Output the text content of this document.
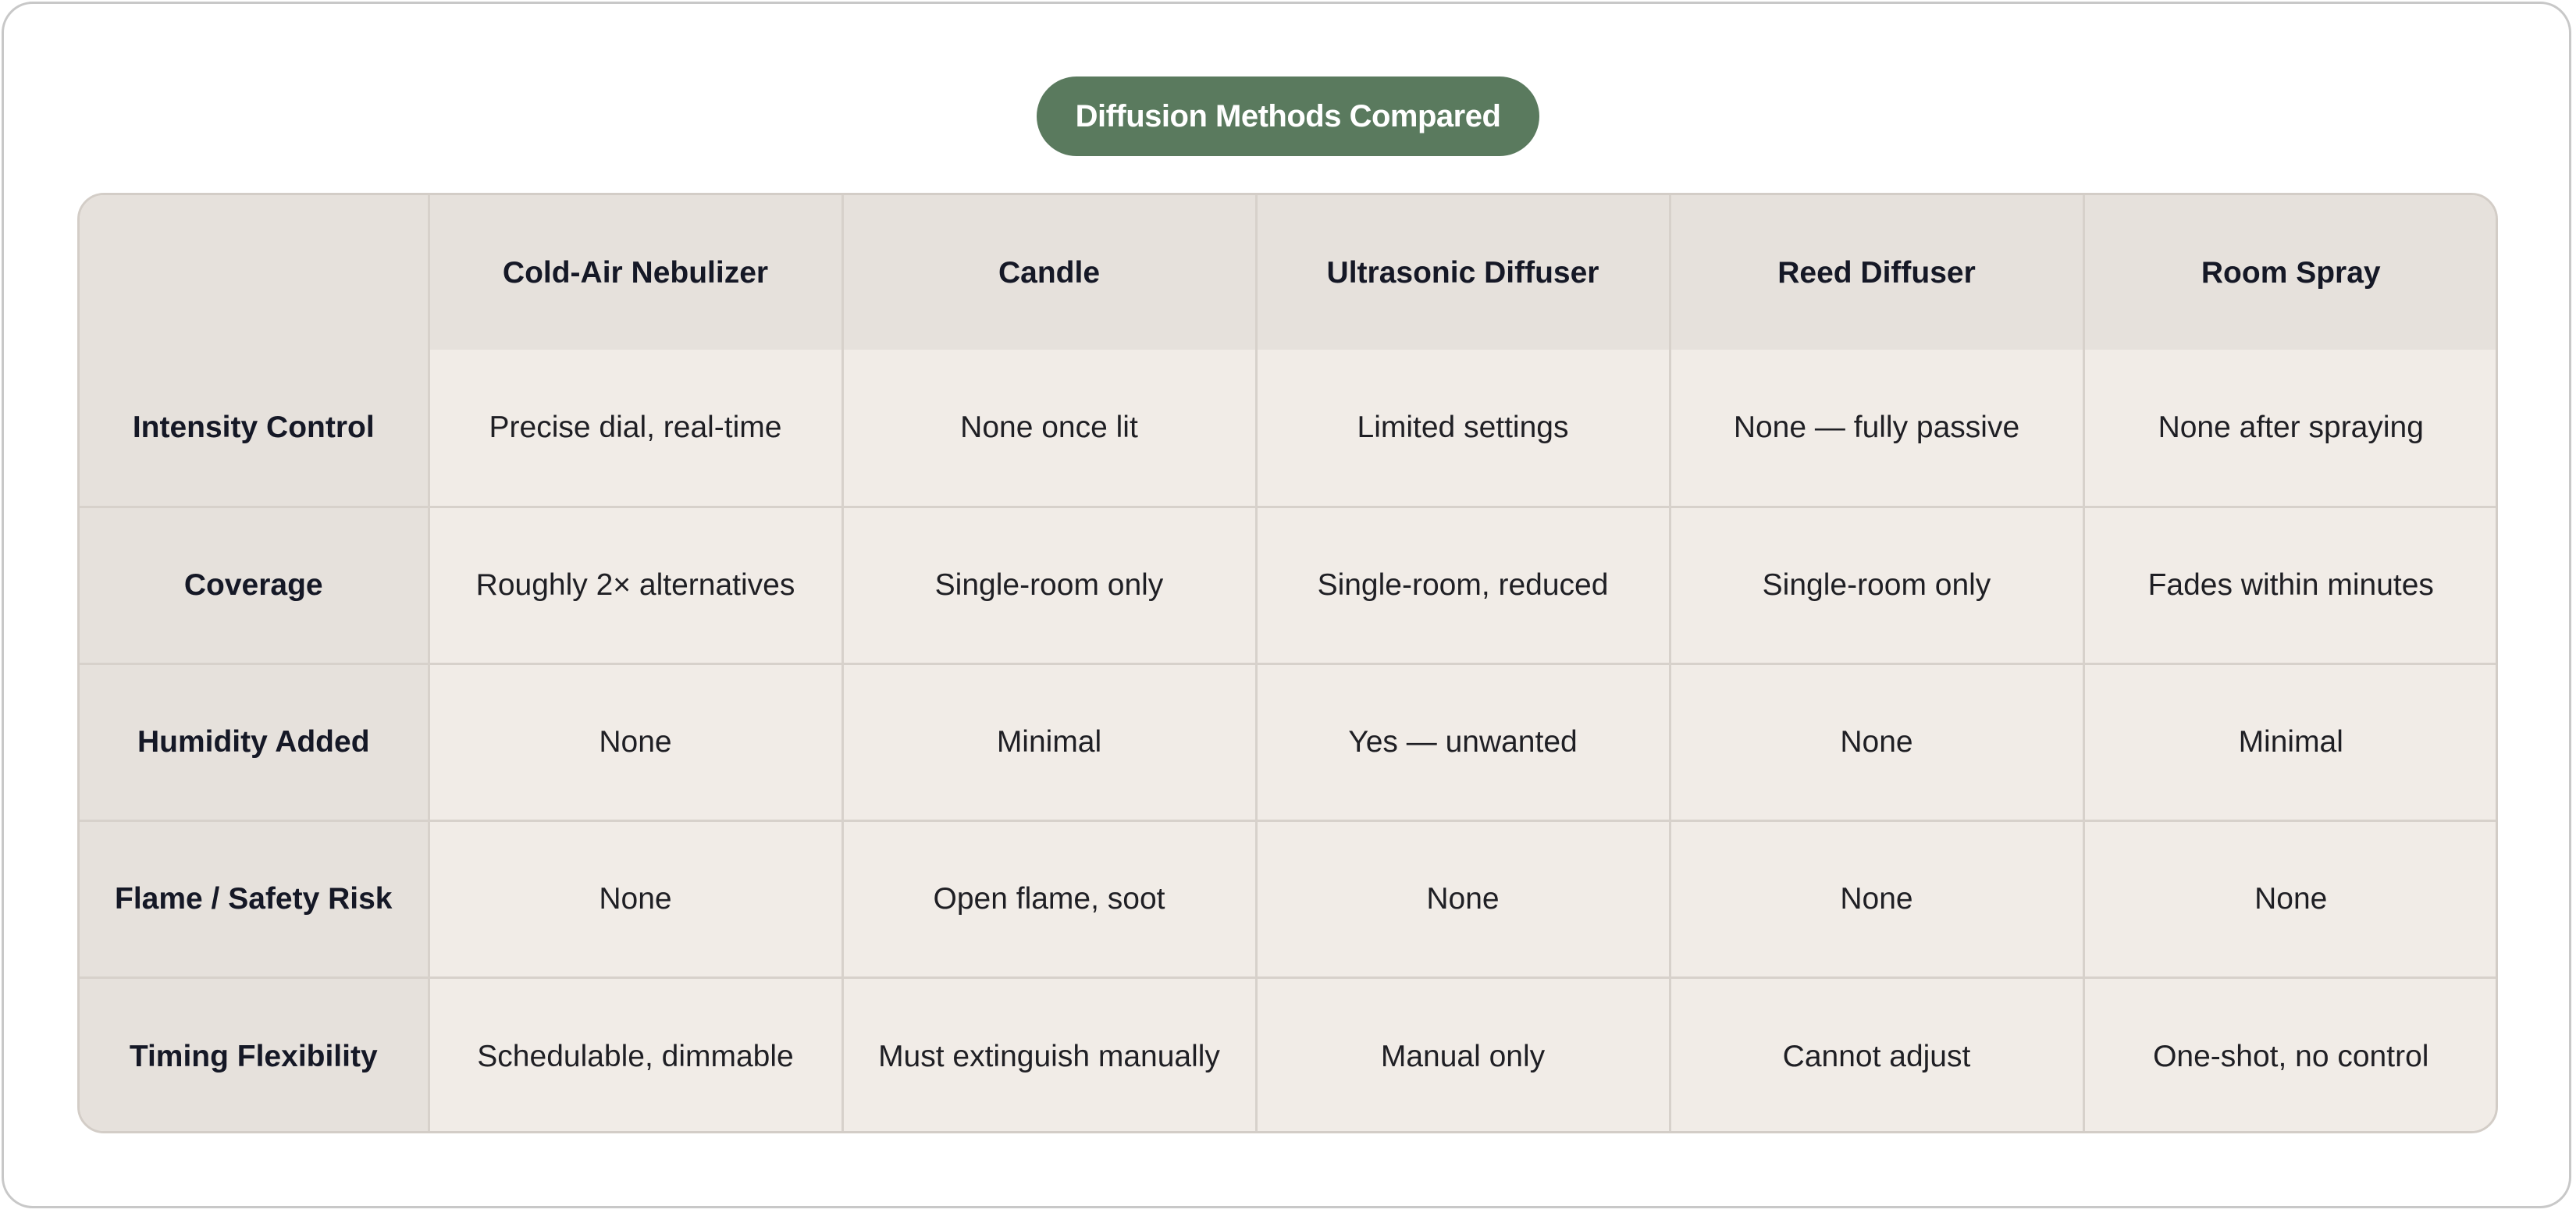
Diffusion Methods Compared
	Cold-Air Nebulizer	Candle	Ultrasonic Diffuser	Reed Diffuser	Room Spray
Intensity Control	Precise dial, real-time	None once lit	Limited settings	None — fully passive	None after spraying
Coverage	Roughly 2× alternatives	Single-room only	Single-room, reduced	Single-room only	Fades within minutes
Humidity Added	None	Minimal	Yes — unwanted	None	Minimal
Flame / Safety Risk	None	Open flame, soot	None	None	None
Timing Flexibility	Schedulable, dimmable	Must extinguish manually	Manual only	Cannot adjust	One-shot, no control
